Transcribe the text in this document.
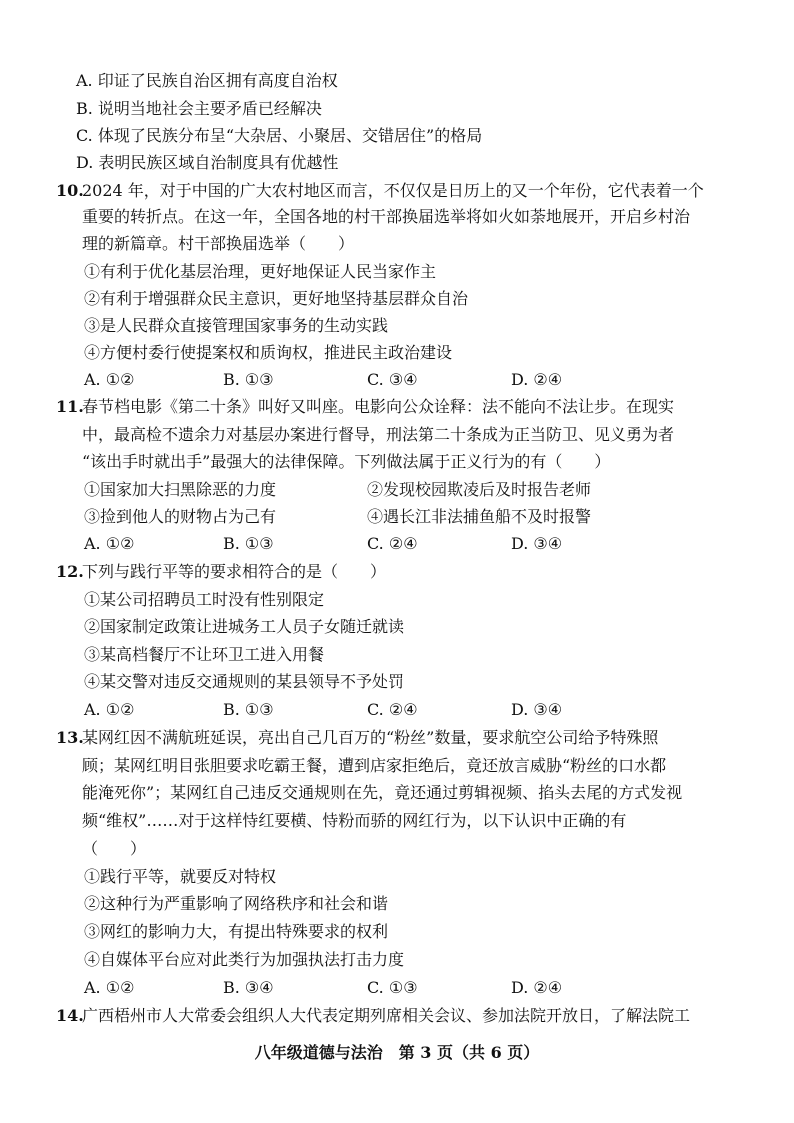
A. 印证了民族自治区拥有高度自治权
B. 说明当地社会主要矛盾已经解决
C. 体现了民族分布呈“大杂居、小聚居、交错居住”的格局
D. 表明民族区域自治制度具有优越性
10.
2024 年，对于中国的广大农村地区而言，不仅仅是日历上的又一个年份，它代表着一个
重要的转折点。在这一年，全国各地的村干部换届选举将如火如荼地展开，开启乡村治
理的新篇章。村干部换届选举（　　）
①有利于优化基层治理，更好地保证人民当家作主
②有利于增强群众民主意识，更好地坚持基层群众自治
③是人民群众直接管理国家事务的生动实践
④方便村委行使提案权和质询权，推进民主政治建设
A. ①②	B. ①③	C. ③④	D. ②④
11.
春节档电影《第二十条》叫好又叫座。电影向公众诠释：法不能向不法让步。在现实
中，最高检不遗余力对基层办案进行督导，刑法第二十条成为正当防卫、见义勇为者
“该出手时就出手”最强大的法律保障。下列做法属于正义行为的有（　　）
①国家加大扫黑除恶的力度	②发现校园欺凌后及时报告老师
③捡到他人的财物占为己有	④遇长江非法捕鱼船不及时报警
A. ①②	B. ①③	C. ②④	D. ③④
12.
下列与践行平等的要求相符合的是（　　）
①某公司招聘员工时没有性别限定
②国家制定政策让进城务工人员子女随迁就读
③某高档餐厅不让环卫工进入用餐
④某交警对违反交通规则的某县领导不予处罚
A. ①②	B. ①③	C. ②④	D. ③④
13.
某网红因不满航班延误，亮出自己几百万的“粉丝”数量，要求航空公司给予特殊照
顾；某网红明目张胆要求吃霸王餐，遭到店家拒绝后，竟还放言威胁“粉丝的口水都
能淹死你”；某网红自己违反交通规则在先，竟还通过剪辑视频、掐头去尾的方式发视
频“维权”……对于这样恃红要横、恃粉而骄的网红行为，以下认识中正确的有
（　　）
①践行平等，就要反对特权
②这种行为严重影响了网络秩序和社会和谐
③网红的影响力大，有提出特殊要求的权利
④自媒体平台应对此类行为加强执法打击力度
A. ①②	B. ③④	C. ①③	D. ②④
14.
广西梧州市人大常委会组织人大代表定期列席相关会议、参加法院开放日，了解法院工
八年级道德与法治　第 3 页（共 6 页）
